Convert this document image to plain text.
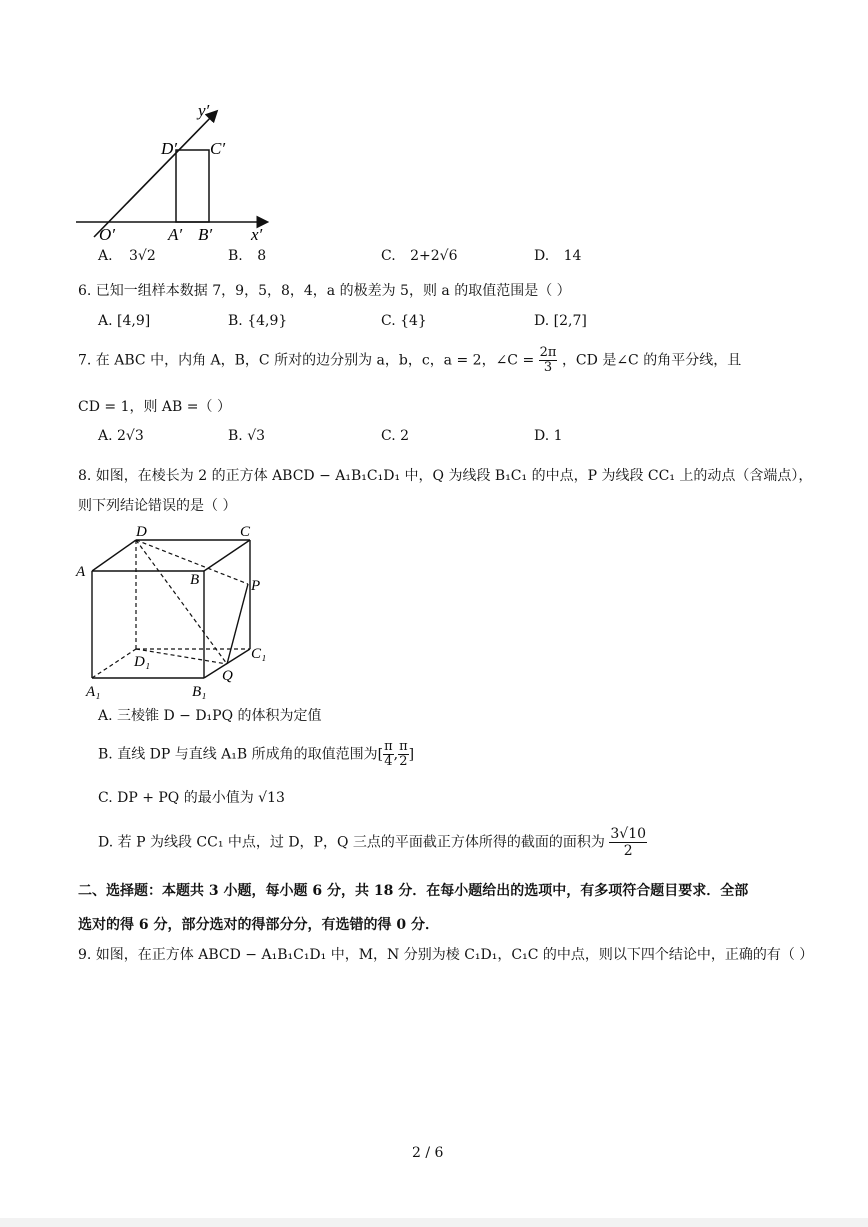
y′
x′
O′	A′ B′
D′ C′
A. 3√2	B. 8	C. 2+2√6	D. 14
6. 已知一组样本数据 7，9，5，8，4，a 的极差为 5，则 a 的取值范围是（ ）
A. [4,9]	B. {4,9}	C. {4}	D. [2,7]
7. 在 ABC 中，内角 A，B，C 所对的边分别为 a，b，c，a = 2，∠C = $\frac{2\pi}{3}$ ，CD 是∠C 的角平分线，且
CD = 1，则 AB =（ ）
A. 2√3	B. √3	C. 2	D. 1
8. 如图，在棱长为 2 的正方体 ABCD − A₁B₁C₁D₁ 中，Q 为线段 B₁C₁ 的中点，P 为线段 CC₁ 上的动点（含端点），
则下列结论错误的是（ ）
D	C
A	B	P
D₁	C₁
Q
A₁	B₁
A. 三棱锥 D − D₁PQ 的体积为定值
B. 直线 DP 与直线 A₁B 所成角的取值范围为[ $\frac{\pi}{4}$ , $\frac{\pi}{2}$ ]
C. DP + PQ 的最小值为 √13
D. 若 P 为线段 CC₁ 中点，过 D，P，Q 三点的平面截正方体所得的截面的面积为 $\frac{3√10}{2}$
二、选择题：本题共 3 小题，每小题 6 分，共 18 分．在每小题给出的选项中，有多项符合题目要求．全部
选对的得 6 分，部分选对的得部分分，有选错的得 0 分．
9. 如图，在正方体 ABCD − A₁B₁C₁D₁ 中，M，N 分别为棱 C₁D₁，C₁C 的中点，则以下四个结论中，正确的有（ ）
2 / 6
